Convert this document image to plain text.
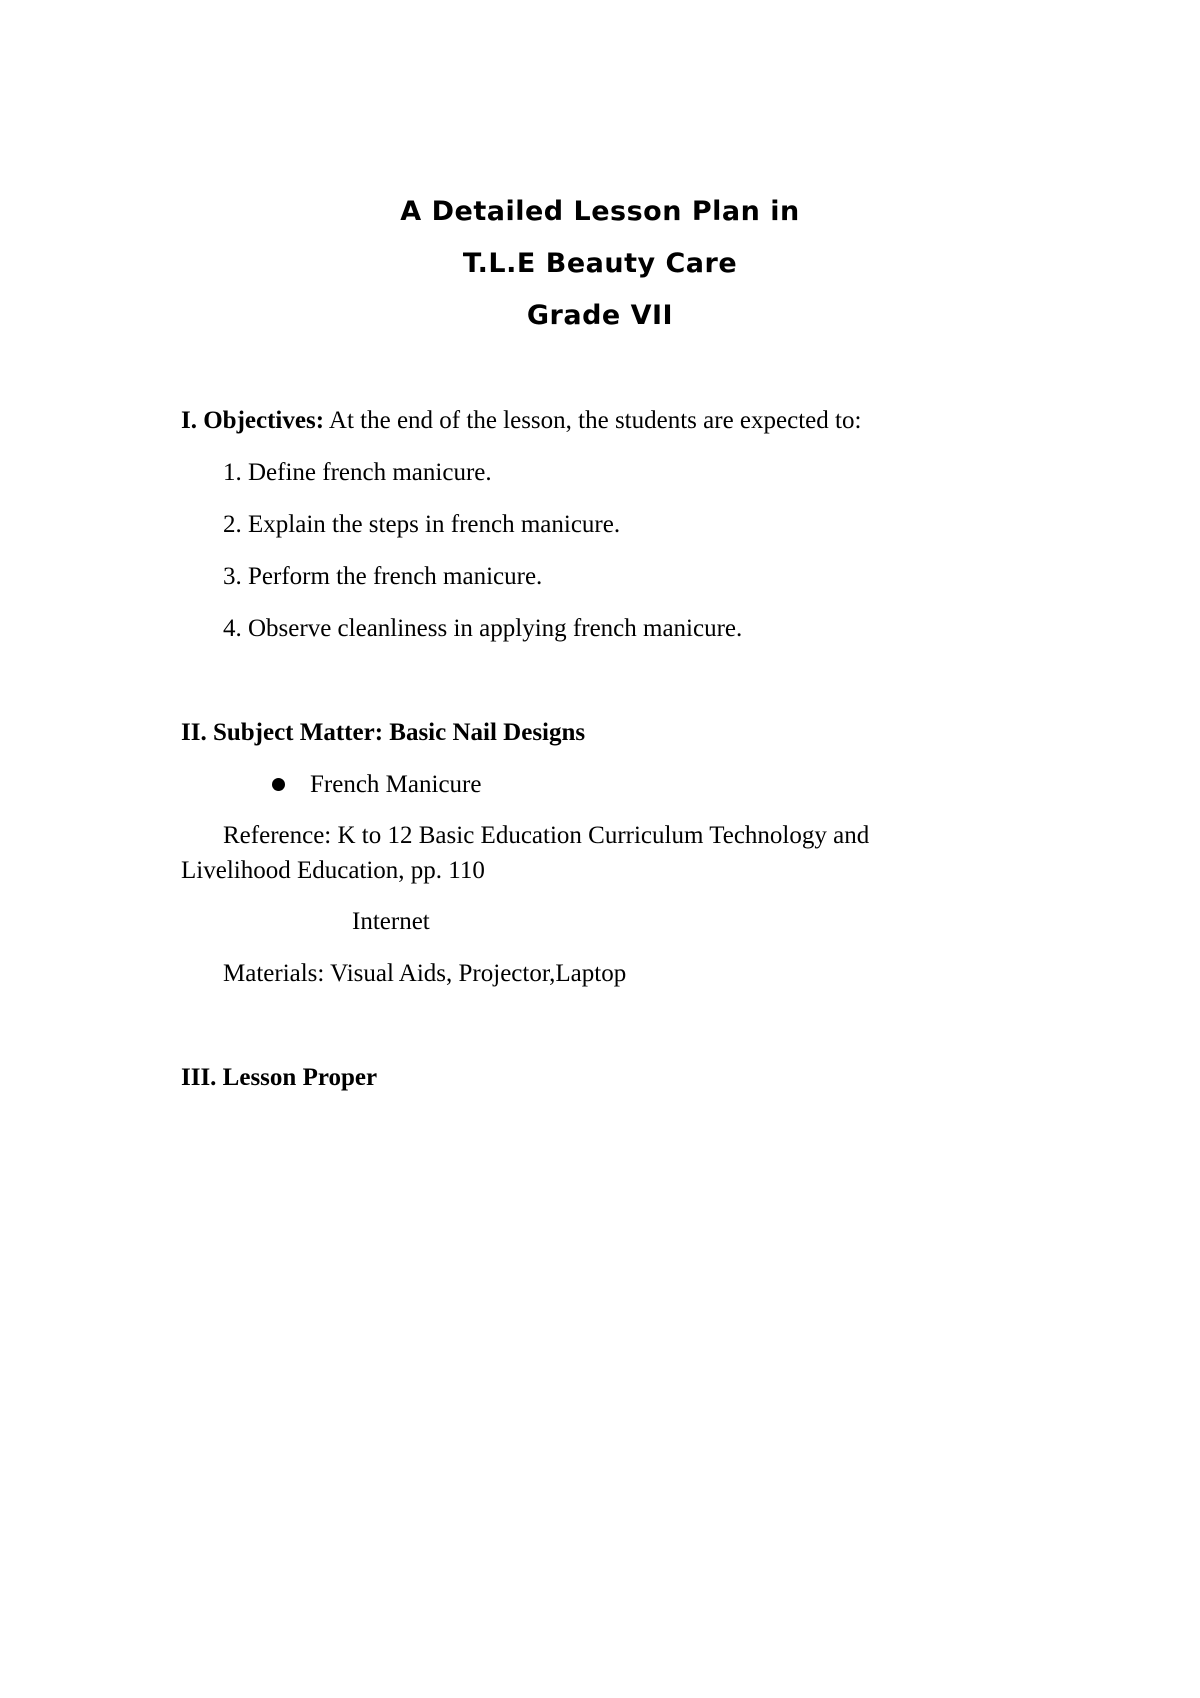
A Detailed Lesson Plan in
T.L.E Beauty Care
Grade VII

I. Objectives: At the end of the lesson, the students are expected to:

1. Define french manicure.

2. Explain the steps in french manicure.

3. Perform the french manicure.

4. Observe cleanliness in applying french manicure.

II. Subject Matter: Basic Nail Designs

French Manicure

Reference: K to 12 Basic Education Curriculum Technology and

Livelihood Education, pp. 110

Internet

Materials: Visual Aids, Projector,Laptop

III. Lesson Proper
